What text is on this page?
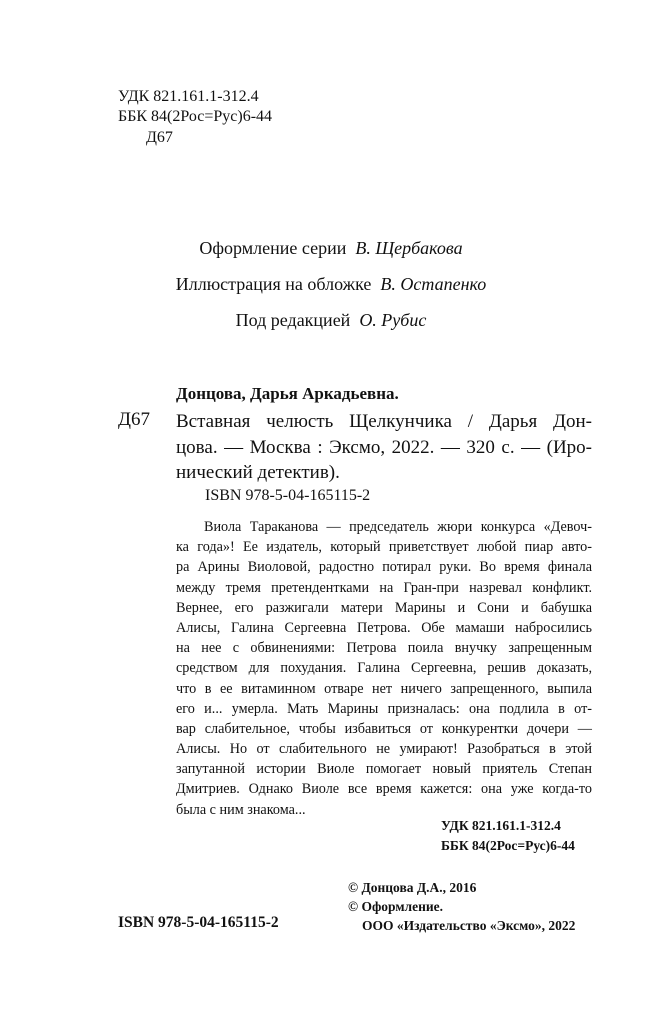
УДК 821.161.1-312.4
ББК 84(2Рос=Рус)6-44
Д67
Оформление серии В. Щербакова
Иллюстрация на обложке В. Остапенко
Под редакцией О. Рубис
Донцова, Дарья Аркадьевна.
Д67 Вставная челюсть Щелкунчика / Дарья Дон-
цова. — Москва : Эксмо, 2022. — 320 с. — (Иро-
нический детектив).
ISBN 978-5-04-165115-2
Виола Тараканова — председатель жюри конкурса «Девоч-
ка года»! Ее издатель, который приветствует любой пиар авто-
ра Арины Виоловой, радостно потирал руки. Во время финала
между тремя претендентками на Гран-при назревал конфликт.
Вернее, его разжигали матери Марины и Сони и бабушка
Алисы, Галина Сергеевна Петрова. Обе мамаши набросились
на нее с обвинениями: Петрова поила внучку запрещенным
средством для похудания. Галина Сергеевна, решив доказать,
что в ее витаминном отваре нет ничего запрещенного, выпила
его и... умерла. Мать Марины призналась: она подлила в от-
вар слабительное, чтобы избавиться от конкурентки дочери —
Алисы. Но от слабительного не умирают! Разобраться в этой
запутанной истории Виоле помогает новый приятель Степан
Дмитриев. Однако Виоле все время кажется: она уже когда-то
была с ним знакома...
УДК 821.161.1-312.4
ББК 84(2Рос=Рус)6-44
© Донцова Д.А., 2016
© Оформление.
ООО «Издательство «Эксмо», 2022
ISBN 978-5-04-165115-2
